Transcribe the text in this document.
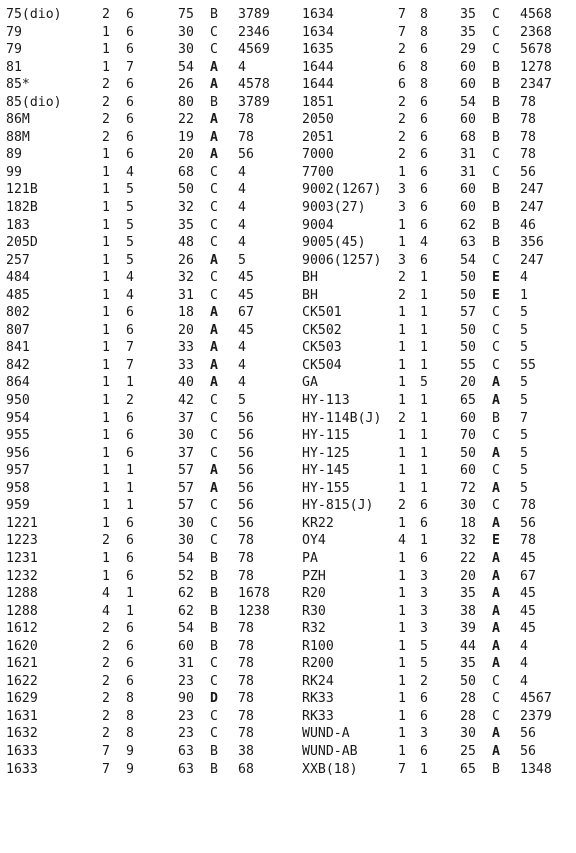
75(dio)	2 6	75 B 3789
79	1 6	30 C 2346
79	1 6	30 C 4569
81	1 7	54 A 4
85*	2 6	26 A 4578
85(dio)	2 6	80 B 3789
86M	2 6	22 A 78
88M	2 6	19 A 78
89	1 6	20 A 56
99	1 4	68 C 4
121B	1 5	50 C 4
182B	1 5	32 C 4
183	1 5	35 C 4
205D	1 5	48 C 4
257	1 5	26 A 5
484	1 4	32 C 45
485	1 4	31 C 45
802	1 6	18 A 67
807	1 6	20 A 45
841	1 7	33 A 4
842	1 7	33 A 4
864	1 1	40 A 4
950	1 2	42 C 5
954	1 6	37 C 56
955	1 6	30 C 56
956	1 6	37 C 56
957	1 1	57 A 56
958	1 1	57 A 56
959	1 1	57 C 56
1221	1 6	30 C 56
1223	2 6	30 C 78
1231	1 6	54 B 78
1232	1 6	52 B 78
1288	4 1	62 B 1678
1288	4 1	62 B 1238
1612	2 6	54 B 78
1620	2 6	60 B 78
1621	2 6	31 C 78
1622	2 6	23 C 78
1629	2 8	90 D 78
1631	2 8	23 C 78
1632	2 8	23 C 78
1633	7 9	63 B 38
1633	7 9	63 B 68
1634	7 8 35 C 4568
1634	7 8 35 C 2368
1635	2 6 29 C 5678
1644	6 8 60 B 1278
1644	6 8 60 B 2347
1851	2 6 54 B 78
2050	2 6 60 B 78
2051	2 6 68 B 78
7000	2 6 31 C 78
7700	1 6 31 C 56
9002(1267) 3 6 60 B 247
9003(27) 3 6 60 B 247
9004	1 6 62 B 46
9005(45) 1 4 63 B 356
9006(1257) 3 6 54 C 247
BH	2 1 50 E 4
BH	2 1 50 E 1
CK501	1 1 57 C 5
CK502	1 1 50 C 5
CK503	1 1 50 C 5
CK504	1 1 55 C 55
GA	1 5 20 A 5
HY-113	1 1 65 A 5
HY-114B(J) 2 1 60 B 7
HY-115	1 1 70 C 5
HY-125	1 1 50 A 5
HY-145	1 1 60 C 5
HY-155	1 1 72 A 5
HY-815(J) 2 6 30 C 78
KR22	1 6 18 A 56
OY4	4 1 32 E 78
PA	1 6 22 A 45
PZH	1 3 20 A 67
R20	1 3 35 A 45
R30	1 3 38 A 45
R32	1 3 39 A 45
R100	1 5 44 A 4
R200	1 5 35 A 4
RK24	1 2 50 C 4
RK33	1 6 28 C 4567
RK33	1 6 28 C 2379
WUND-A	1 3 30 A 56
WUND-AB	1 6 25 A 56
XXB(18)	7 1 65 B 1348
